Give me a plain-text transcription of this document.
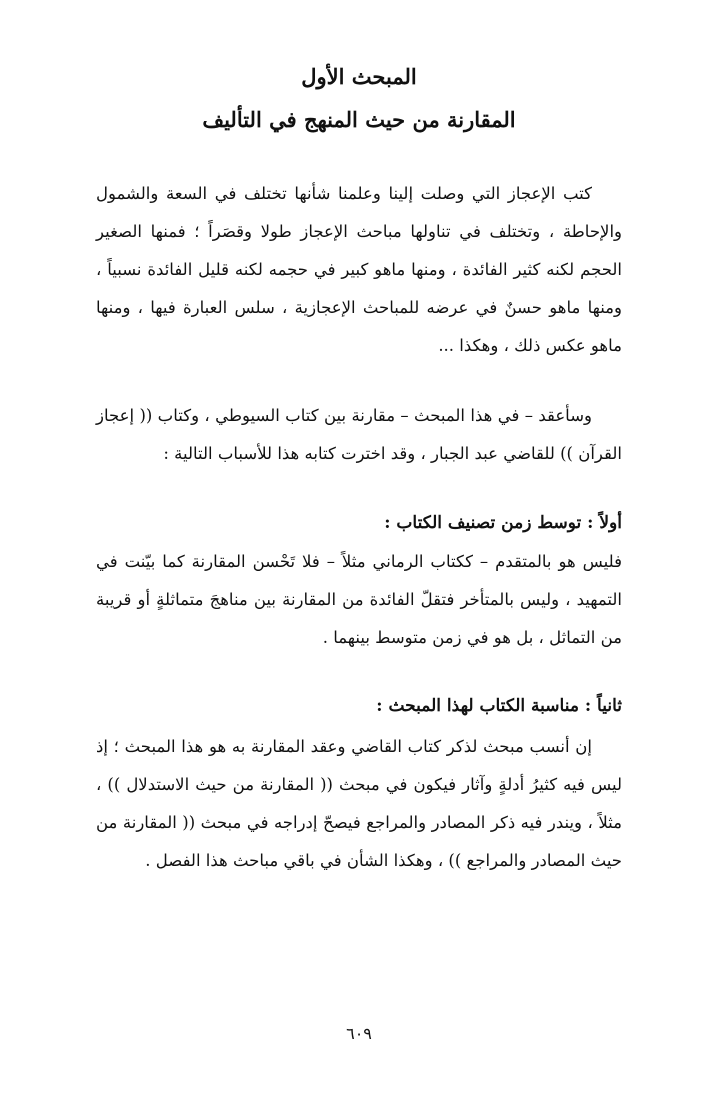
المبحث الأول
المقارنة من حيث المنهج في التأليف

كتب الإعجاز التي وصلت إلينا وعلمنا شأنها تختلف في السعة والشمول والإحاطة ، وتختلف في تناولها مباحث الإعجاز طولا وقصَراً ؛ فمنها الصغير الحجم لكنه كثير الفائدة ، ومنها ماهو كبير في حجمه لكنه قليل الفائدة نسبياً ، ومنها ماهو حسنٌ في عرضه للمباحث الإعجازية ، سلس العبارة فيها ، ومنها ماهو عكس ذلك ، وهكذا ...

وسأعقد – في هذا المبحث – مقارنة بين كتاب السيوطي ، وكتاب (( إعجاز القرآن )) للقاضي عبد الجبار ، وقد اخترت كتابه هذا للأسباب التالية :

أولاً : توسط زمن تصنيف الكتاب :

فليس هو بالمتقدم – ككتاب الرماني مثلاً – فلا تَحْسن المقارنة كما بيّنت في التمهيد ، وليس بالمتأخر فتقلّ الفائدة من المقارنة بين مناهجَ متماثلةٍ أو قريبة من التماثل ، بل هو في زمن متوسط بينهما .

ثانياً : مناسبة الكتاب لهذا المبحث :

إن أنسب مبحث لذكر كتاب القاضي وعقد المقارنة به هو هذا المبحث ؛ إذ ليس فيه كثيرُ أدلةٍ وآثار فيكون في مبحث (( المقارنة من حيث الاستدلال )) ، مثلاً ، ويندر فيه ذكر المصادر والمراجع فيصحّ إدراجه في مبحث (( المقارنة من حيث المصادر والمراجع )) ، وهكذا الشأن في باقي مباحث هذا الفصل .

٦٠٩
